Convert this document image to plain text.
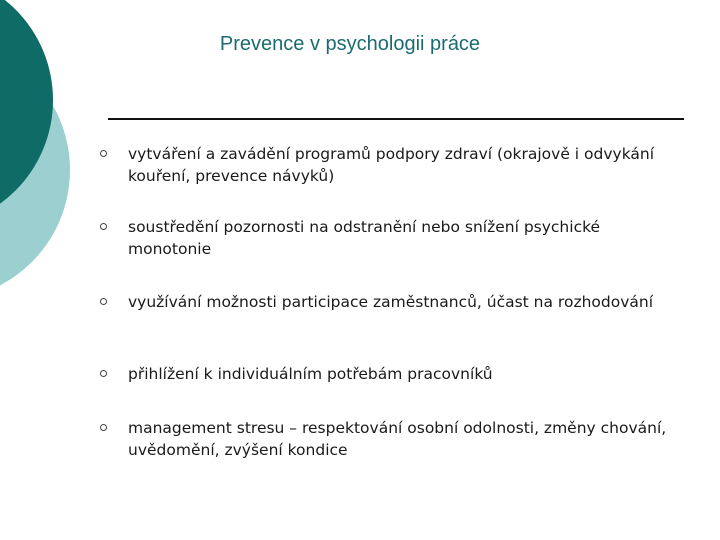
Prevence v psychologii práce
vytváření a zavádění programů podpory zdraví (okrajově i odvykání kouření, prevence návyků)
soustředění pozornosti na odstranění nebo snížení psychické monotonie
využívání možnosti participace zaměstnanců, účast na rozhodování
přihlížení k individuálním potřebám pracovníků
management stresu – respektování osobní odolnosti, změny chování, uvědomění, zvýšení kondice
